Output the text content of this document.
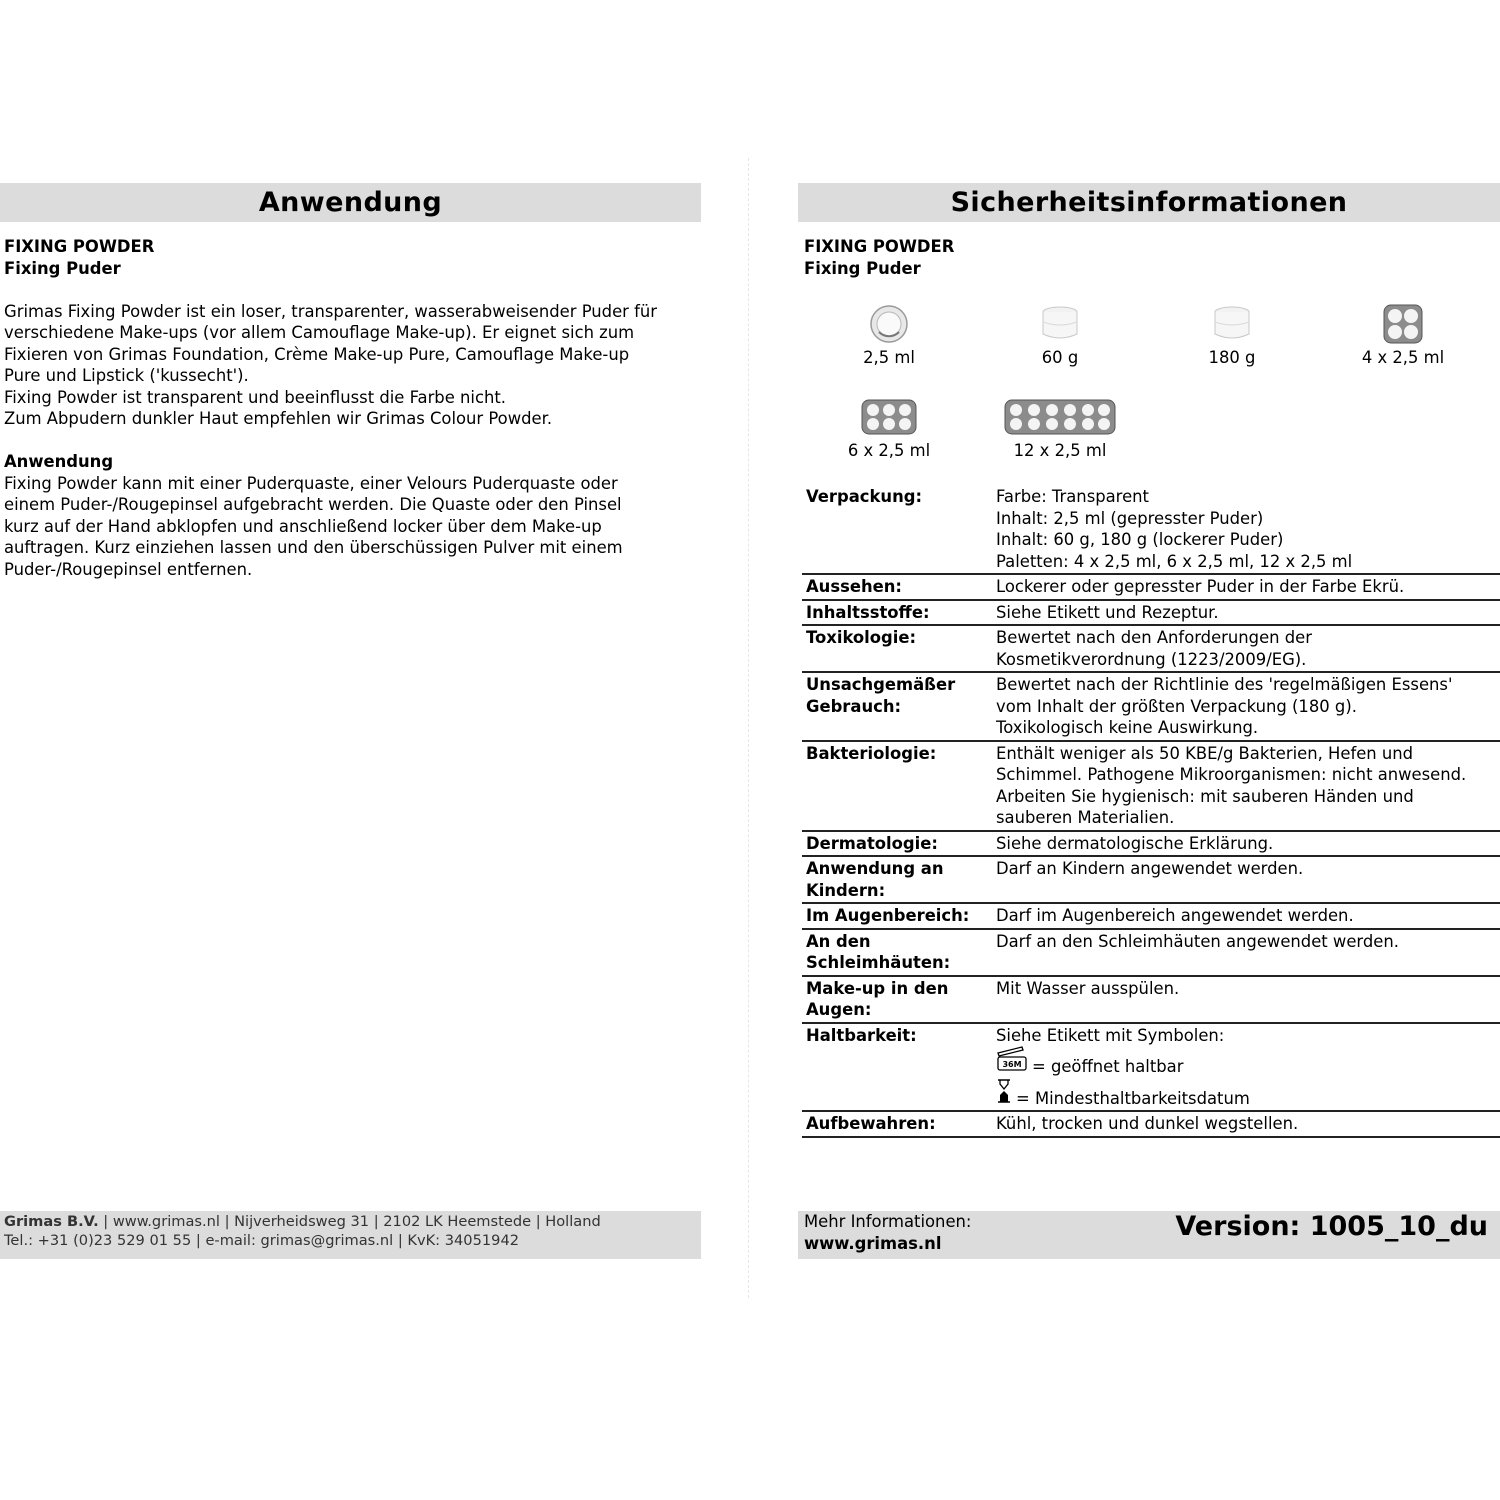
Anwendung
FIXING POWDER
Fixing Puder
Grimas Fixing Powder ist ein loser, transparenter, wasserabweisender Puder für
verschiedene Make-ups (vor allem Camouflage Make-up). Er eignet sich zum
Fixieren von Grimas Foundation, Crème Make-up Pure, Camouflage Make-up
Pure und Lipstick ('kussecht').
Fixing Powder ist transparent und beeinflusst die Farbe nicht.
Zum Abpudern dunkler Haut empfehlen wir Grimas Colour Powder.
Anwendung
Fixing Powder kann mit einer Puderquaste, einer Velours Puderquaste oder
einem Puder-/Rougepinsel aufgebracht werden. Die Quaste oder den Pinsel
kurz auf der Hand abklopfen und anschließend locker über dem Make-up
auftragen. Kurz einziehen lassen und den überschüssigen Pulver mit einem
Puder-/Rougepinsel entfernen.
Grimas B.V. | www.grimas.nl | Nijverheidsweg 31 | 2102 LK Heemstede | Holland
Tel.: +31 (0)23 529 01 55 | e-mail: grimas@grimas.nl | KvK: 34051942
Sicherheitsinformationen
FIXING POWDER
Fixing Puder
2,5 ml	60 g	180 g	4 x 2,5 ml
6 x 2,5 ml	12 x 2,5 ml
Verpackung:	Farbe: Transparent
Inhalt: 2,5 ml (gepresster Puder)
Inhalt: 60 g, 180 g (lockerer Puder)
Paletten: 4 x 2,5 ml, 6 x 2,5 ml, 12 x 2,5 ml

Aussehen:	Lockerer oder gepresster Puder in der Farbe Ekrü.

Inhaltsstoffe:	Siehe Etikett und Rezeptur.

Toxikologie:	Bewertet nach den Anforderungen der
Kosmetikverordnung (1223/2009/EG).

Unsachgemäßer
Gebrauch:	Bewertet nach der Richtlinie des 'regelmäßigen Essens'
vom Inhalt der größten Verpackung (180 g).
Toxikologisch keine Auswirkung.

Bakteriologie:	Enthält weniger als 50 KBE/g Bakterien, Hefen und
Schimmel. Pathogene Mikroorganismen: nicht anwesend.
Arbeiten Sie hygienisch: mit sauberen Händen und
sauberen Materialien.

Dermatologie:	Siehe dermatologische Erklärung.

Anwendung an
Kindern:	Darf an Kindern angewendet werden.

Im Augenbereich:	Darf im Augenbereich angewendet werden.

An den
Schleimhäuten:	Darf an den Schleimhäuten angewendet werden.

Make-up in den
Augen:	Mit Wasser ausspülen.

Haltbarkeit:	Siehe Etikett mit Symbolen:
36M = geöffnet haltbar
= Mindesthaltbarkeitsdatum

Aufbewahren:	Kühl, trocken und dunkel wegstellen.
Mehr Informationen:
www.grimas.nl
Version: 1005_10_du
